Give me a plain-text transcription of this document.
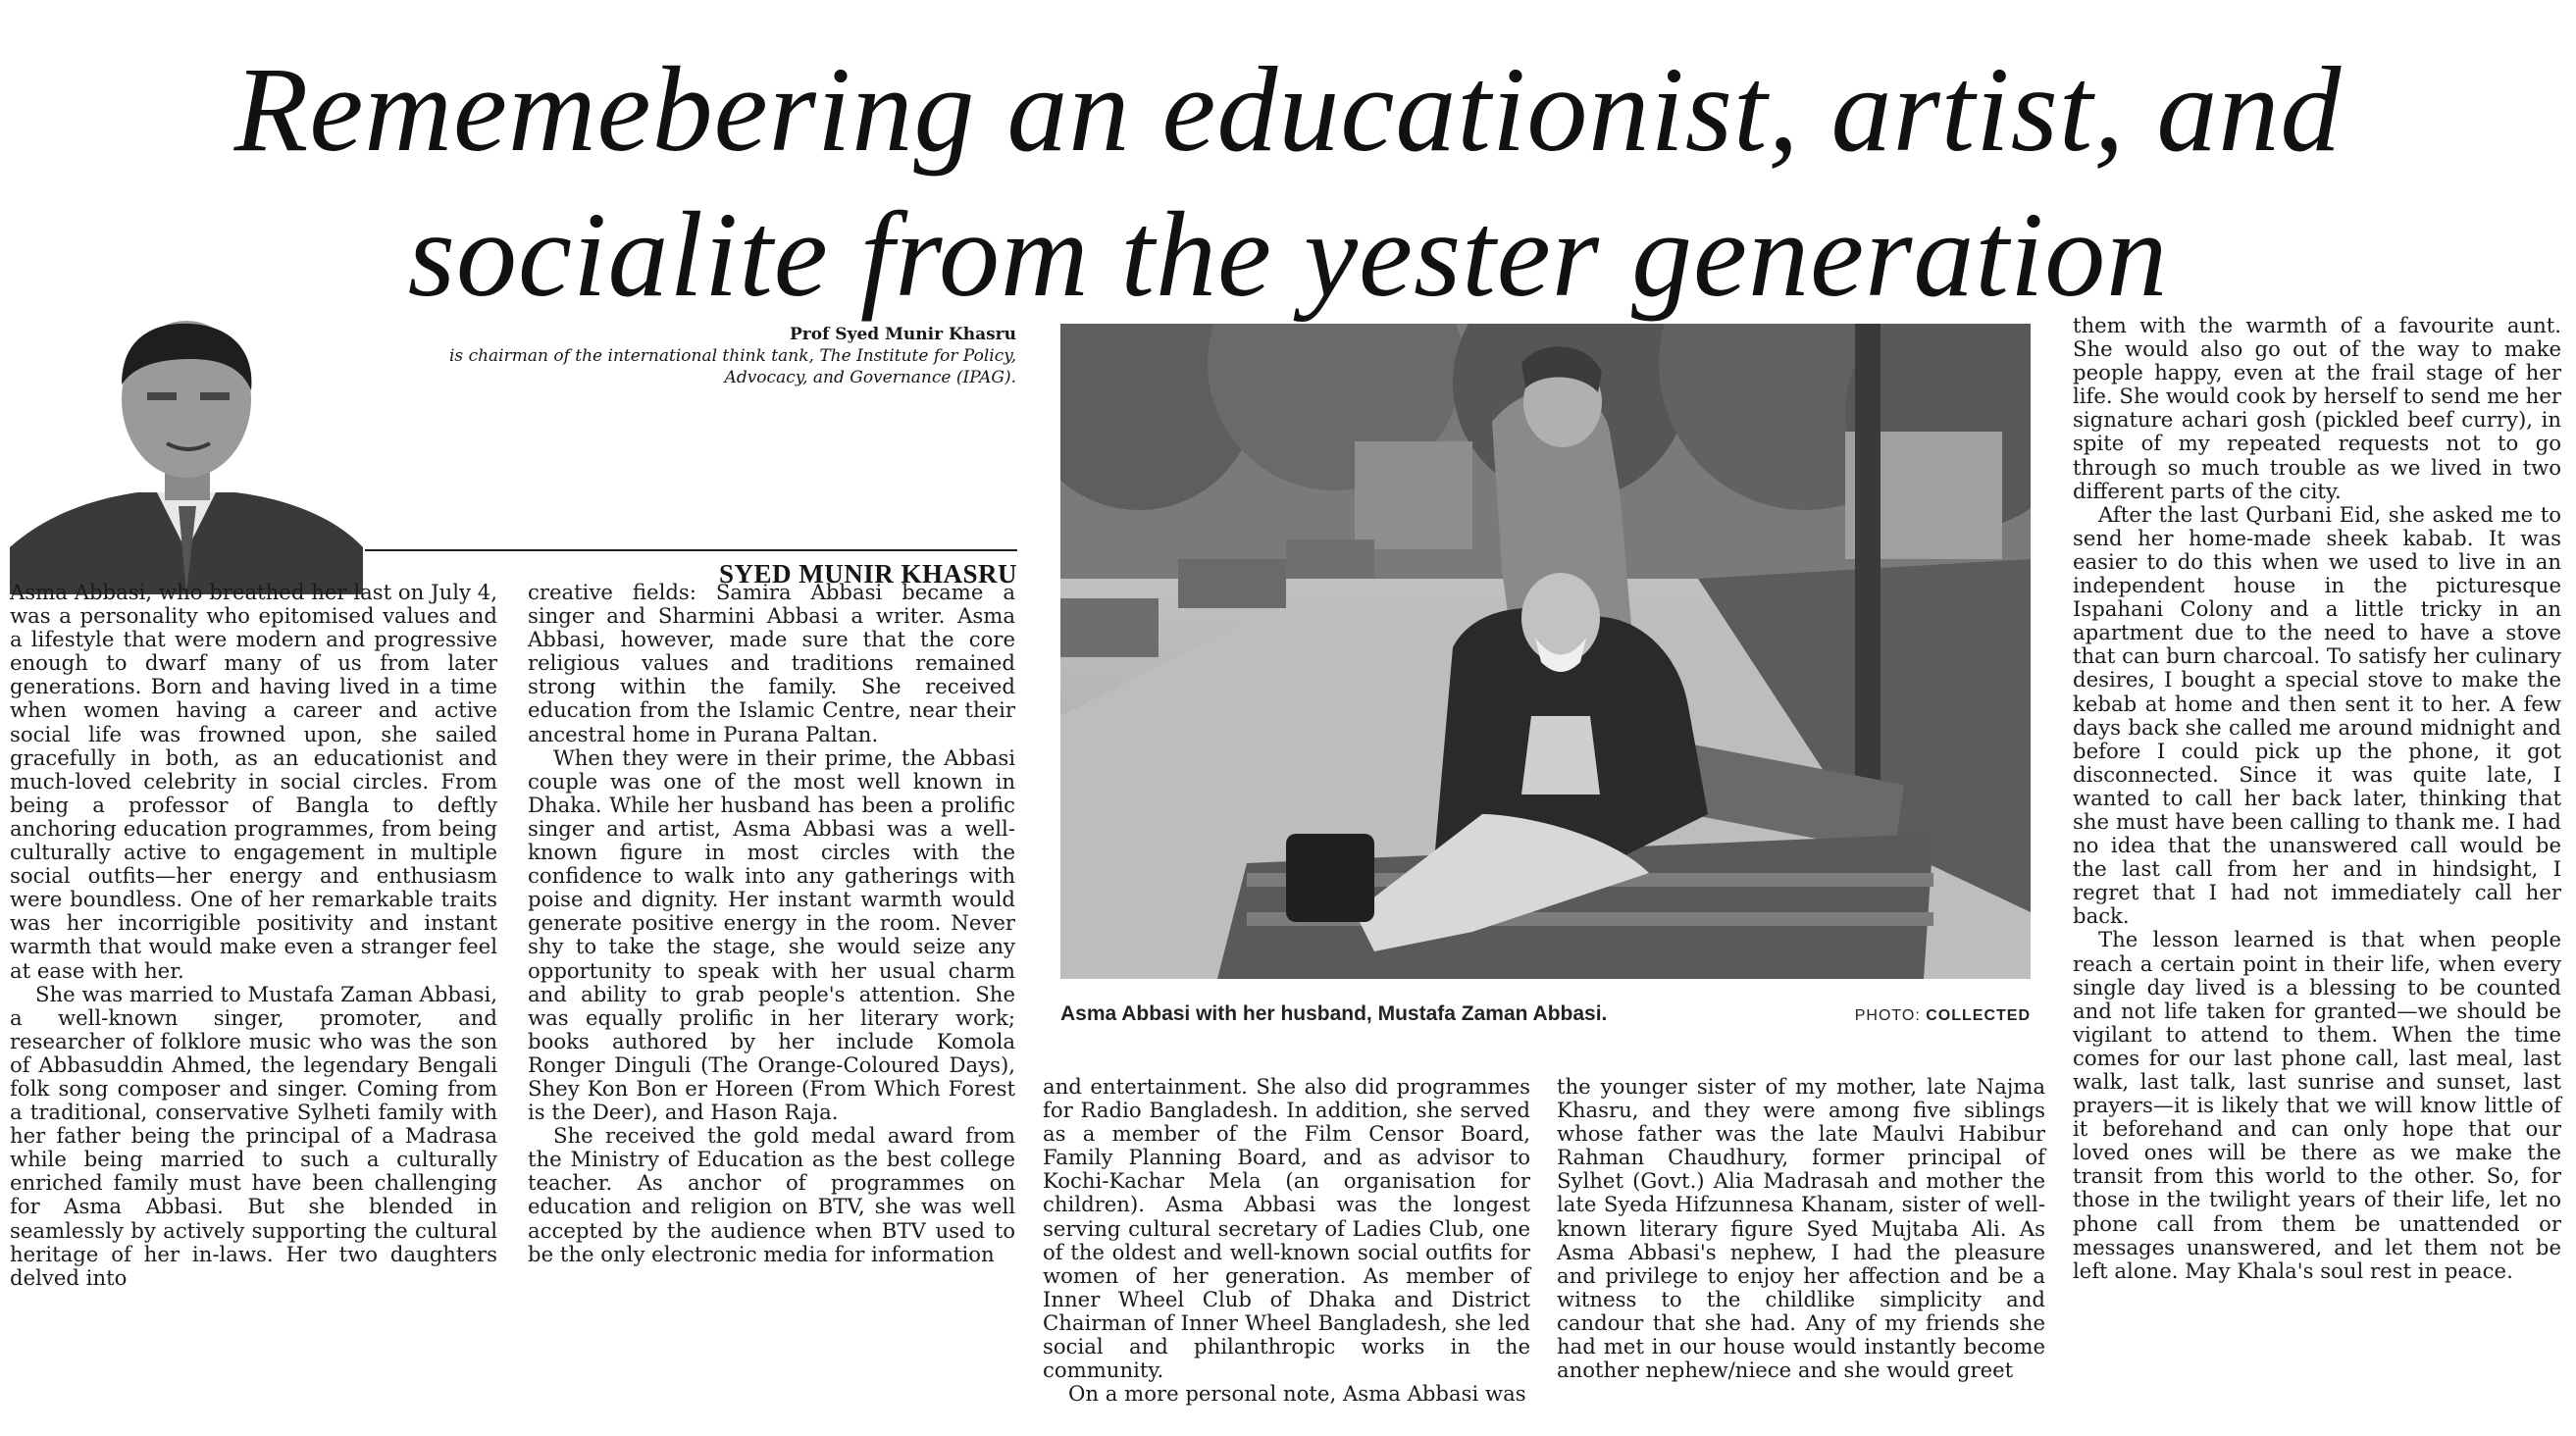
Rememebering an educationist, artist, and
socialite from the yester generation
Prof Syed Munir Khasru
is chairman of the international think tank, The Institute for Policy, Advocacy, and Governance (IPAG).
SYED MUNIR KHASRU

Asma Abbasi, who breathed her last on July 4, was a personality who epitomised values and a lifestyle that were modern and progressive enough to dwarf many of us from later generations. Born and having lived in a time when women having a career and active social life was frowned upon, she sailed gracefully in both, as an educationist and much-loved celebrity in social circles. From being a professor of Bangla to deftly anchoring education programmes, from being culturally active to engagement in multiple social outfits—her energy and enthusiasm were boundless. One of her remarkable traits was her incorrigible positivity and instant warmth that would make even a stranger feel at ease with her.

She was married to Mustafa Zaman Abbasi, a well-known singer, promoter, and researcher of folklore music who was the son of Abbasuddin Ahmed, the legendary Bengali folk song composer and singer. Coming from a traditional, conservative Sylheti family with her father being the principal of a Madrasa while being married to such a culturally enriched family must have been challenging for Asma Abbasi. But she blended in seamlessly by actively supporting the cultural heritage of her in-laws. Her two daughters delved into

creative fields: Samira Abbasi became a singer and Sharmini Abbasi a writer. Asma Abbasi, however, made sure that the core religious values and traditions remained strong within the family. She received education from the Islamic Centre, near their ancestral home in Purana Paltan.

When they were in their prime, the Abbasi couple was one of the most well known in Dhaka. While her husband has been a prolific singer and artist, Asma Abbasi was a well-known figure in most circles with the confidence to walk into any gatherings with poise and dignity. Her instant warmth would generate positive energy in the room. Never shy to take the stage, she would seize any opportunity to speak with her usual charm and ability to grab people's attention. She was equally prolific in her literary work; books authored by her include Komola Ronger Dinguli (The Orange-Coloured Days), Shey Kon Bon er Horeen (From Which Forest is the Deer), and Hason Raja.

She received the gold medal award from the Ministry of Education as the best college teacher. As anchor of programmes on education and religion on BTV, she was well accepted by the audience when BTV used to be the only electronic media for information

Asma Abbasi with her husband, Mustafa Zaman Abbasi.	PHOTO: COLLECTED

and entertainment. She also did programmes for Radio Bangladesh. In addition, she served as a member of the Film Censor Board, Family Planning Board, and as advisor to Kochi-Kachar Mela (an organisation for children). Asma Abbasi was the longest serving cultural secretary of Ladies Club, one of the oldest and well-known social outfits for women of her generation. As member of Inner Wheel Club of Dhaka and District Chairman of Inner Wheel Bangladesh, she led social and philanthropic works in the community.

On a more personal note, Asma Abbasi was

the younger sister of my mother, late Najma Khasru, and they were among five siblings whose father was the late Maulvi Habibur Rahman Chaudhury, former principal of Sylhet (Govt.) Alia Madrasah and mother the late Syeda Hifzunnesa Khanam, sister of well-known literary figure Syed Mujtaba Ali. As Asma Abbasi's nephew, I had the pleasure and privilege to enjoy her affection and be a witness to the childlike simplicity and candour that she had. Any of my friends she had met in our house would instantly become another nephew/niece and she would greet

them with the warmth of a favourite aunt. She would also go out of the way to make people happy, even at the frail stage of her life. She would cook by herself to send me her signature achari gosh (pickled beef curry), in spite of my repeated requests not to go through so much trouble as we lived in two different parts of the city.

After the last Qurbani Eid, she asked me to send her home-made sheek kabab. It was easier to do this when we used to live in an independent house in the picturesque Ispahani Colony and a little tricky in an apartment due to the need to have a stove that can burn charcoal. To satisfy her culinary desires, I bought a special stove to make the kebab at home and then sent it to her. A few days back she called me around midnight and before I could pick up the phone, it got disconnected. Since it was quite late, I wanted to call her back later, thinking that she must have been calling to thank me. I had no idea that the unanswered call would be the last call from her and in hindsight, I regret that I had not immediately call her back.

The lesson learned is that when people reach a certain point in their life, when every single day lived is a blessing to be counted and not life taken for granted—we should be vigilant to attend to them. When the time comes for our last phone call, last meal, last walk, last talk, last sunrise and sunset, last prayers—it is likely that we will know little of it beforehand and can only hope that our loved ones will be there as we make the transit from this world to the other. So, for those in the twilight years of their life, let no phone call from them be unattended or messages unanswered, and let them not be left alone. May Khala's soul rest in peace.
